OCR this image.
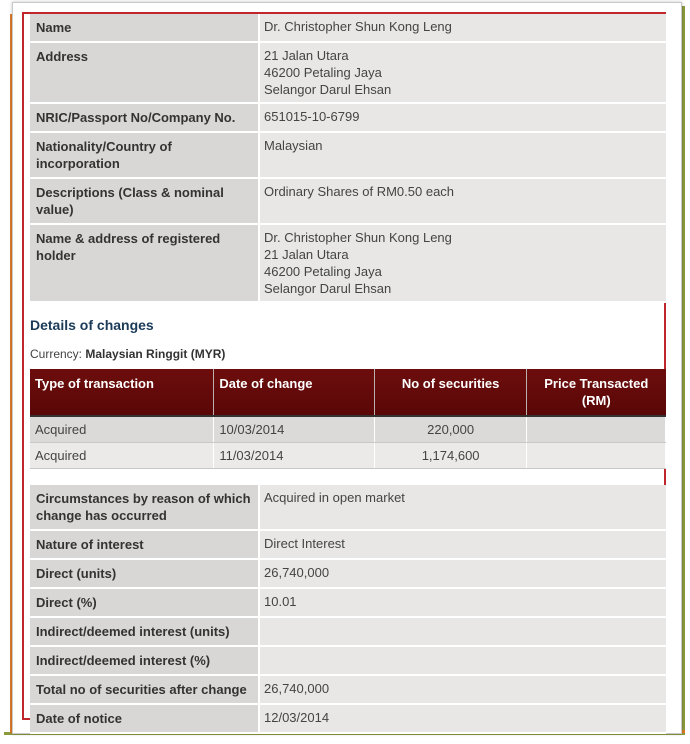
Name	Dr. Christopher Shun Kong Leng

Address	21 Jalan Utara
46200 Petaling Jaya
Selangor Darul Ehsan

NRIC/Passport No/Company No.	651015-10-6799

Nationality/Country of incorporation	Malaysian

Descriptions (Class & nominal value)	Ordinary Shares of RM0.50 each

Name & address of registered holder	Dr. Christopher Shun Kong Leng
21 Jalan Utara
46200 Petaling Jaya
Selangor Darul Ehsan
Details of changes
Currency: Malaysian Ringgit (MYR)
Type of transaction	Date of change	No of securities	Price Transacted (RM)
Acquired	10/03/2014	220,000	
Acquired	11/03/2014	1,174,600	
Circumstances by reason of which change has occurred	Acquired in open market

Nature of interest	Direct Interest

Direct (units)	26,740,000

Direct (%)	10.01

Indirect/deemed interest (units)	

Indirect/deemed interest (%)	

Total no of securities after change	26,740,000

Date of notice	12/03/2014
